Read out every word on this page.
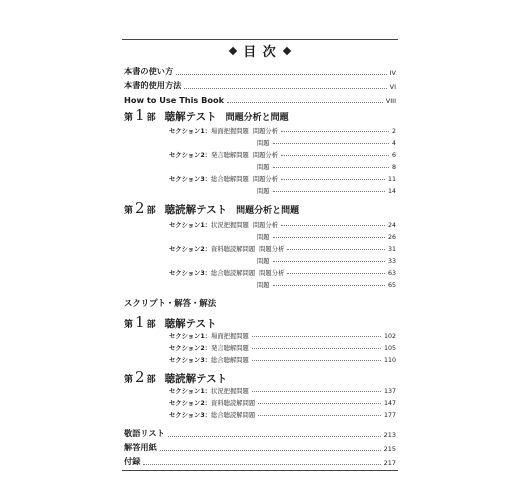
目 次
本書の使い方	IV
本書的使用方法	VI
How to Use This Book	VIII
第 1 部 聴解テスト 問題分析と問題
セクション1： 場面把握問題 問題分析	2
問題	4
セクション2： 発言聴解問題 問題分析	6
問題	8
セクション3： 総合聴解問題 問題分析	11
問題	14
第 2 部 聴読解テスト 問題分析と問題
セクション1： 状況把握問題 問題分析	24
問題	26
セクション2： 資料聴読解問題 問題分析	31
問題	33
セクション3： 総合聴読解問題 問題分析	63
問題	65
スクリプト・解答・解法
第 1 部 聴解テスト
セクション1： 場面把握問題	102
セクション2： 発言聴解問題	105
セクション3： 総合聴解問題	110
第 2 部 聴読解テスト
セクション1： 状況把握問題	137
セクション2： 資料聴読解問題	147
セクション3： 総合聴読解問題	177
敬語リスト	213
解答用紙	215
付録	217
